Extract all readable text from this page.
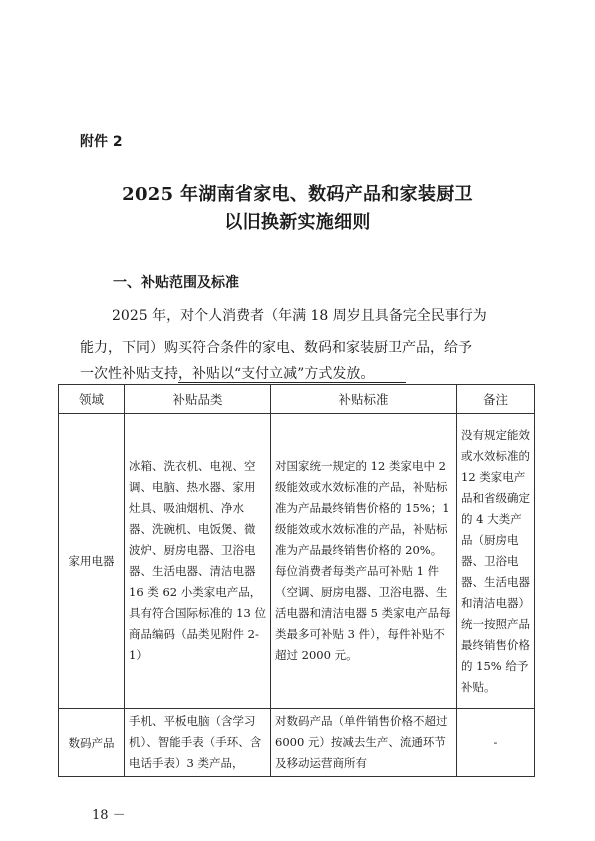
附件 2
2025 年湖南省家电、数码产品和家装厨卫
以旧换新实施细则
一、补贴范围及标准
2025 年，对个人消费者（年满 18 周岁且具备完全民事行为
能力，下同）购买符合条件的家电、数码和家装厨卫产品，给予
一次性补贴支持，补贴以“支付立减”方式发放。
领域	补贴品类	补贴标准	备注
家用电器	冰箱、洗衣机、电视、空调、电脑、热水器、家用灶具、吸油烟机、净水器、洗碗机、电饭煲、微波炉、厨房电器、卫浴电器、生活电器、清洁电器 16 类 62 小类家电产品，具有符合国际标准的 13 位商品编码（品类见附件 2-1）	对国家统一规定的 12 类家电中 2 级能效或水效标准的产品，补贴标准为产品最终销售价格的 15%；1 级能效或水效标准的产品，补贴标准为产品最终销售价格的 20%。每位消费者每类产品可补贴 1 件（空调、厨房电器、卫浴电器、生活电器和清洁电器 5 类家电产品每类最多可补贴 3 件），每件补贴不超过 2000 元。	没有规定能效或水效标准的 12 类家电产品和省级确定的 4 大类产品（厨房电器、卫浴电器、生活电器和清洁电器）统一按照产品最终销售价格的 15% 给予补贴。
数码产品	手机、平板电脑（含学习机）、智能手表（手环、含电话手表）3 类产品，	对数码产品（单件销售价格不超过 6000 元）按减去生产、流通环节及移动运营商所有	-
18 －
